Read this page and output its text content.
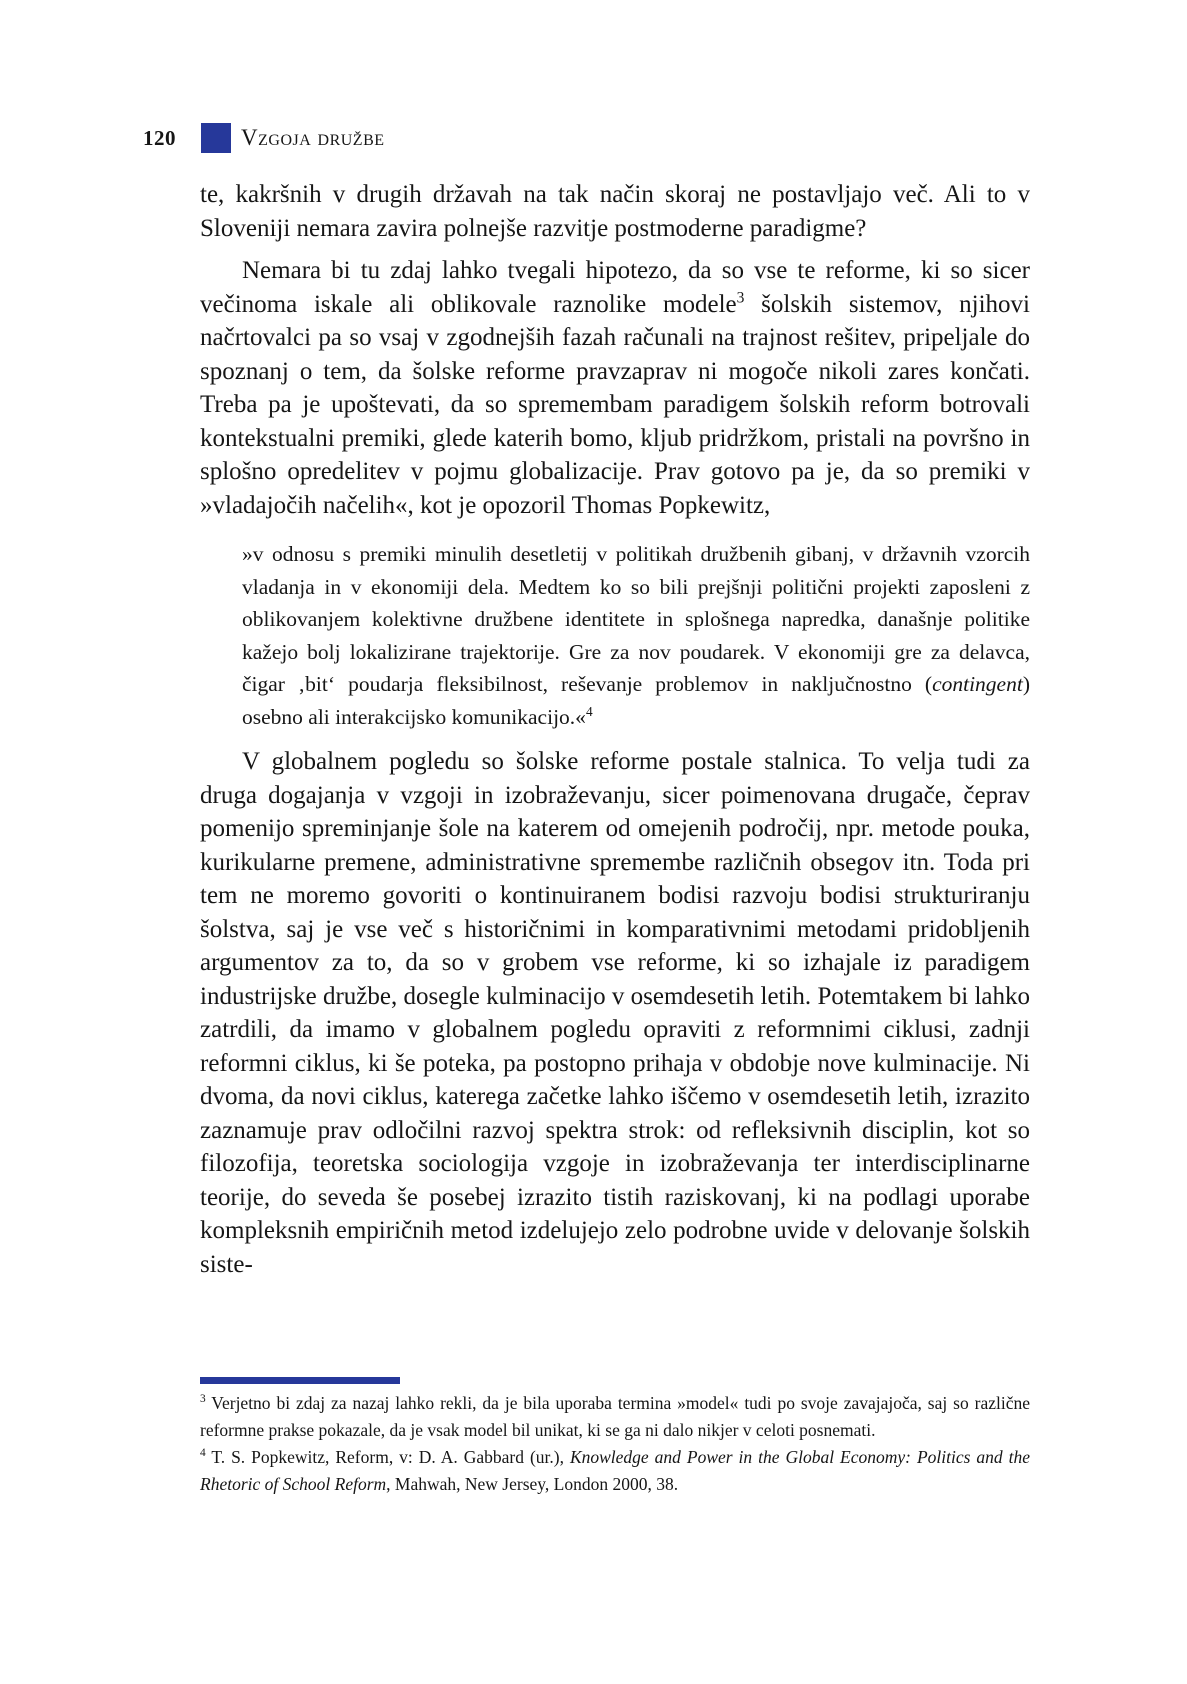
120	Vzgoja družbe

te, kakršnih v drugih državah na tak način skoraj ne postavljajo več. Ali to v Sloveniji nemara zavira polnejše razvitje postmoderne paradigme?

Nemara bi tu zdaj lahko tvegali hipotezo, da so vse te reforme, ki so sicer večinoma iskale ali oblikovale raznolike modele$^3$ šolskih sistemov, njihovi načrtovalci pa so vsaj v zgodnejših fazah računali na trajnost rešitev, pripeljale do spoznanj o tem, da šolske reforme pravzaprav ni mogoče nikoli zares končati. Treba pa je upoštevati, da so spremembam paradigem šolskih reform botrovali kontekstualni premiki, glede katerih bomo, kljub pridržkom, pristali na površno in splošno opredelitev v pojmu globalizacije. Prav gotovo pa je, da so premiki v »vladajočih načelih«, kot je opozoril Thomas Popkewitz,

»v odnosu s premiki minulih desetletij v politikah družbenih gibanj, v državnih vzorcih vladanja in v ekonomiji dela. Medtem ko so bili prejšnji politični projekti zaposleni z oblikovanjem kolektivne družbene identitete in splošnega napredka, današnje politike kažejo bolj lokalizirane trajektorije. Gre za nov poudarek. V ekonomiji gre za delavca, čigar ‚bit‘ poudarja fleksibilnost, reševanje problemov in naključnostno (contingent) osebno ali interakcijsko komunikacijo.«$^4$

V globalnem pogledu so šolske reforme postale stalnica. To velja tudi za druga dogajanja v vzgoji in izobraževanju, sicer poimenovana drugače, čeprav pomenijo spreminjanje šole na katerem od omejenih področij, npr. metode pouka, kurikularne premene, administrativne spremembe različnih obsegov itn. Toda pri tem ne moremo govoriti o kontinuiranem bodisi razvoju bodisi strukturiranju šolstva, saj je vse več s historičnimi in komparativnimi metodami pridobljenih argumentov za to, da so v grobem vse reforme, ki so izhajale iz paradigem industrijske družbe, dosegle kulminacijo v osemdesetih letih. Potemtakem bi lahko zatrdili, da imamo v globalnem pogledu opraviti z reformnimi ciklusi, zadnji reformni ciklus, ki še poteka, pa postopno prihaja v obdobje nove kulminacije. Ni dvoma, da novi ciklus, katerega začetke lahko iščemo v osemdesetih letih, izrazito zaznamuje prav odločilni razvoj spektra strok: od refleksivnih disciplin, kot so filozofija, teoretska sociologija vzgoje in izobraževanja ter interdisciplinarne teorije, do seveda še posebej izrazito tistih raziskovanj, ki na podlagi uporabe kompleksnih empiričnih metod izdelujejo zelo podrobne uvide v delovanje šolskih siste-

$^3$ Verjetno bi zdaj za nazaj lahko rekli, da je bila uporaba termina »model« tudi po svoje zavajajoča, saj so različne reformne prakse pokazale, da je vsak model bil unikat, ki se ga ni dalo nikjer v celoti posnemati.

$^4$ T. S. Popkewitz, Reform, v: D. A. Gabbard (ur.), Knowledge and Power in the Global Economy: Politics and the Rhetoric of School Reform, Mahwah, New Jersey, London 2000, 38.
